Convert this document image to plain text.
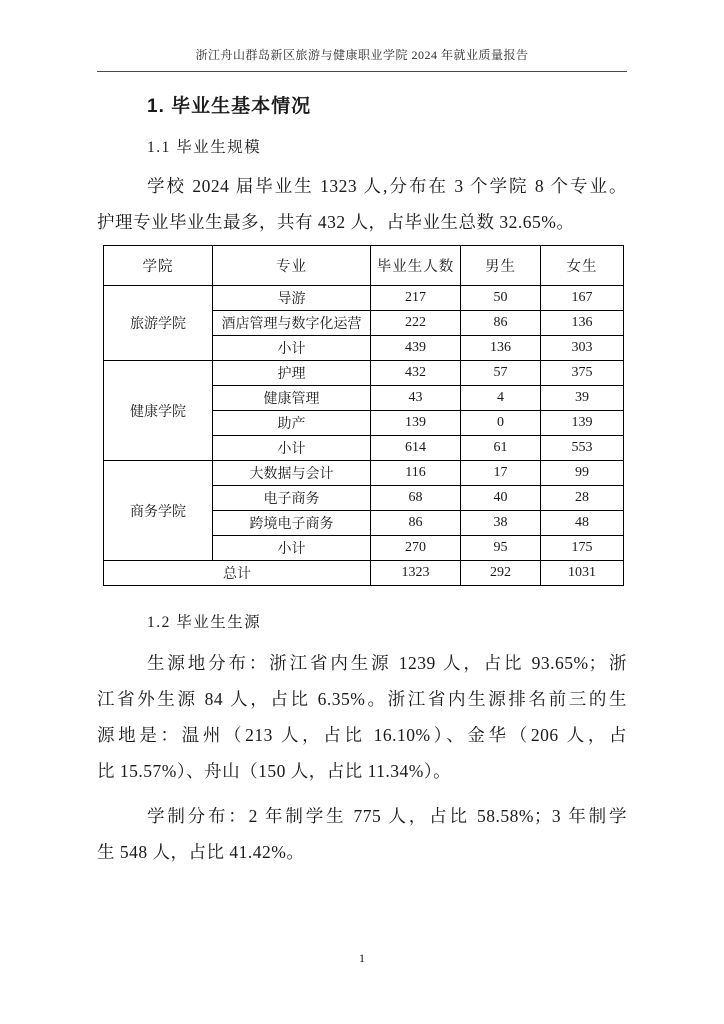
浙江舟山群岛新区旅游与健康职业学院 2024 年就业质量报告
1. 毕业生基本情况
1.1 毕业生规模
学校 2024 届毕业生 1323 人,分布在 3 个学院 8 个专业。
护理专业毕业生最多，共有 432 人，占毕业生总数 32.65%。
学院	专业	毕业生人数	男生	女生
旅游学院	导游	217	50	167
	酒店管理与数字化运营	222	86	136
	小计	439	136	303
健康学院	护理	432	57	375
	健康管理	43	4	39
	助产	139	0	139
	小计	614	61	553
商务学院	大数据与会计	116	17	99
	电子商务	68	40	28
	跨境电子商务	86	38	48
	小计	270	95	175
总计		1323	292	1031
1.2 毕业生生源
生源地分布：浙江省内生源 1239 人，占比 93.65%；浙
江省外生源 84 人，占比 6.35%。浙江省内生源排名前三的生
源地是：温州（213 人，占比 16.10%）、金华（206 人，占
比 15.57%）、舟山（150 人，占比 11.34%）。
学制分布：2 年制学生 775 人，占比 58.58%；3 年制学
生 548 人，占比 41.42%。
1
